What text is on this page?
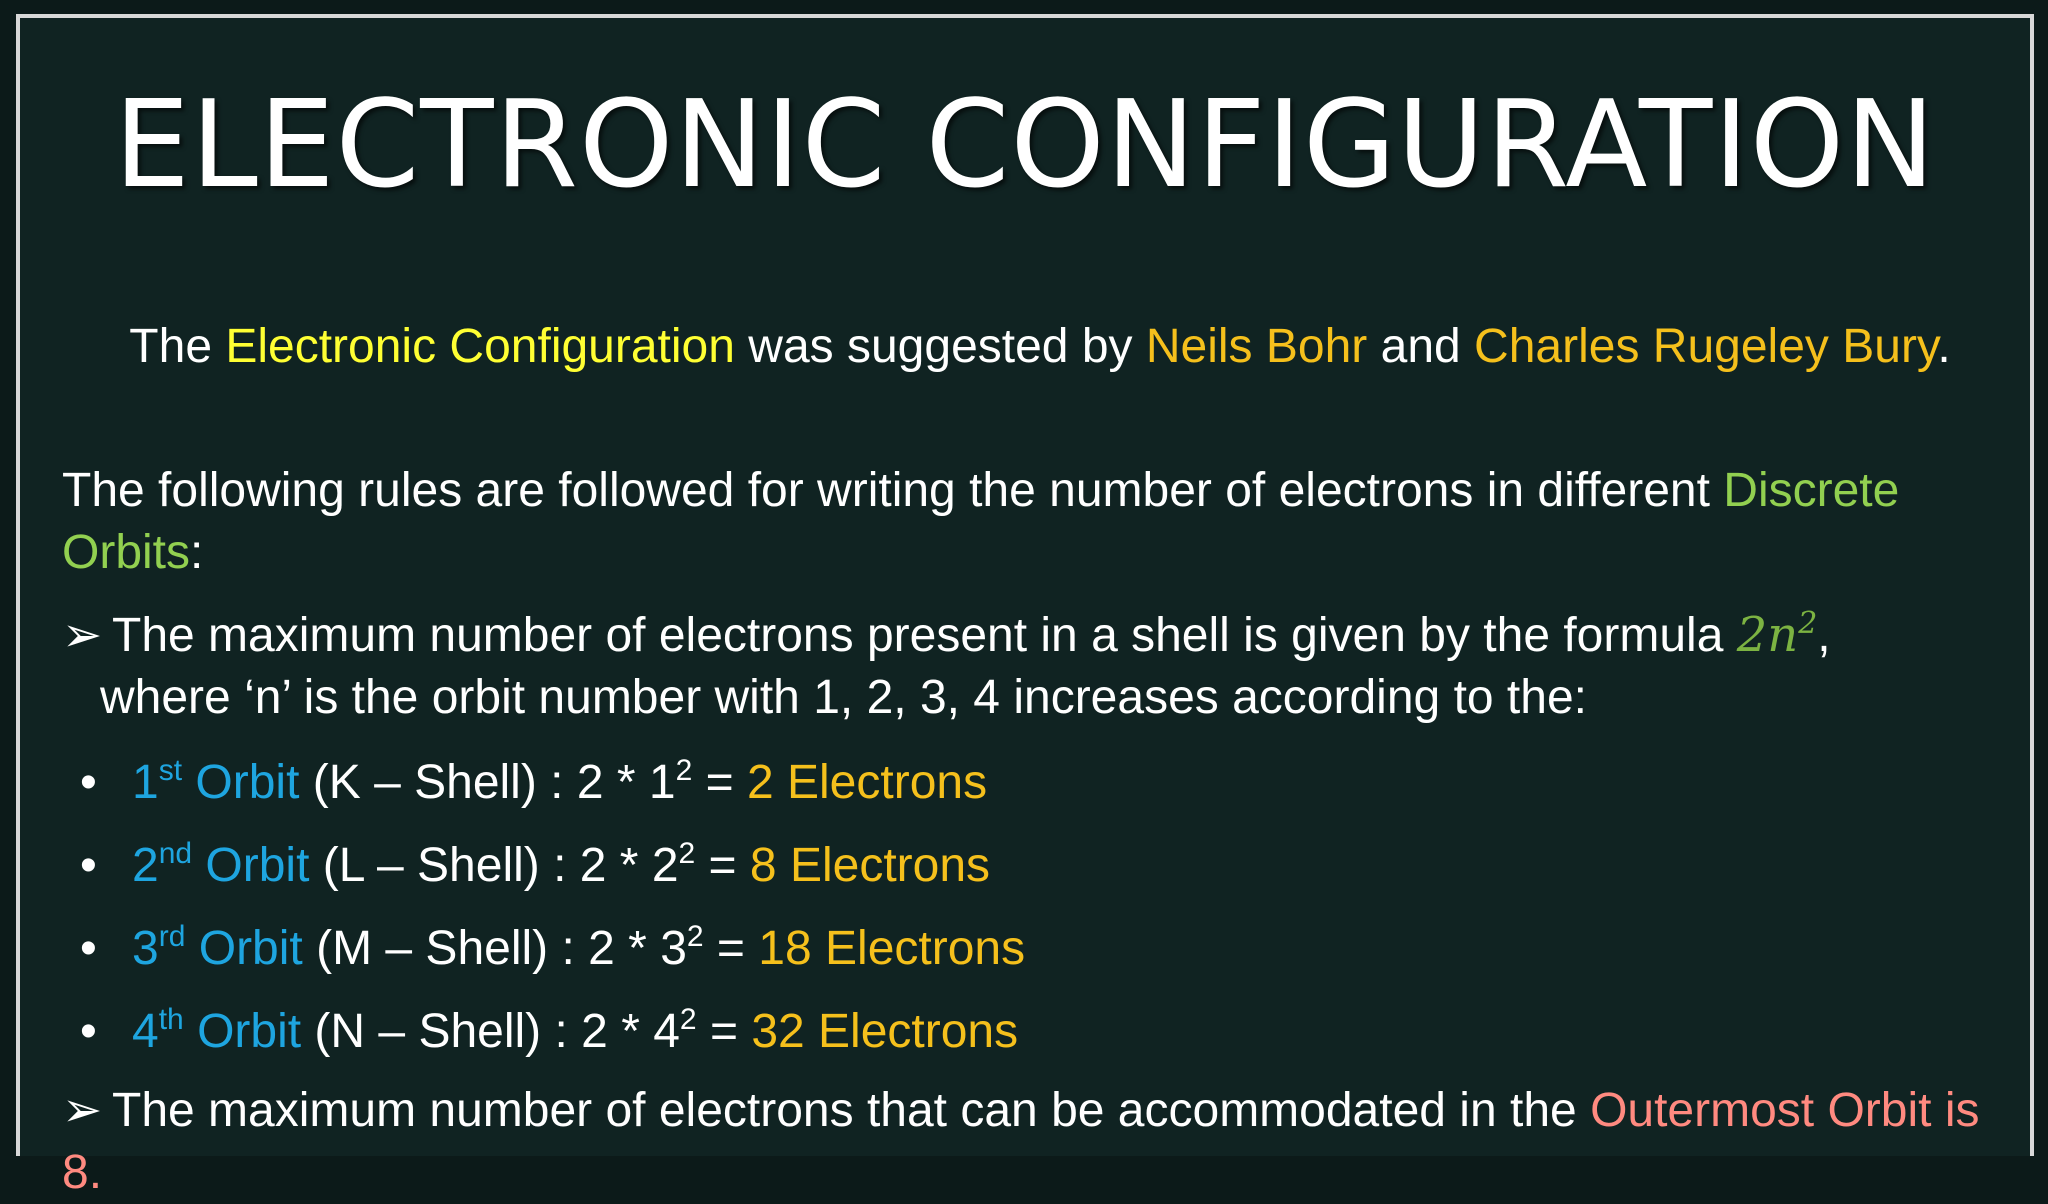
ELECTRONIC CONFIGURATION
The Electronic Configuration was suggested by Neils Bohr and Charles Rugeley Bury.
The following rules are followed for writing the number of electrons in different Discrete Orbits:
➢ The maximum number of electrons present in a shell is given by the formula $2n^2$,
where ‘n’ is the orbit number with 1, 2, 3, 4 increases according to the:
• 1st Orbit (K – Shell) : $2 * 1^2 = 2$ Electrons
• 2nd Orbit (L – Shell) : $2 * 2^2 = 8$ Electrons
• 3rd Orbit (M – Shell) : $2 * 3^2 = 18$ Electrons
• 4th Orbit (N – Shell) : $2 * 4^2 = 32$ Electrons
➢ The maximum number of electrons that can be accommodated in the Outermost Orbit is 8.
